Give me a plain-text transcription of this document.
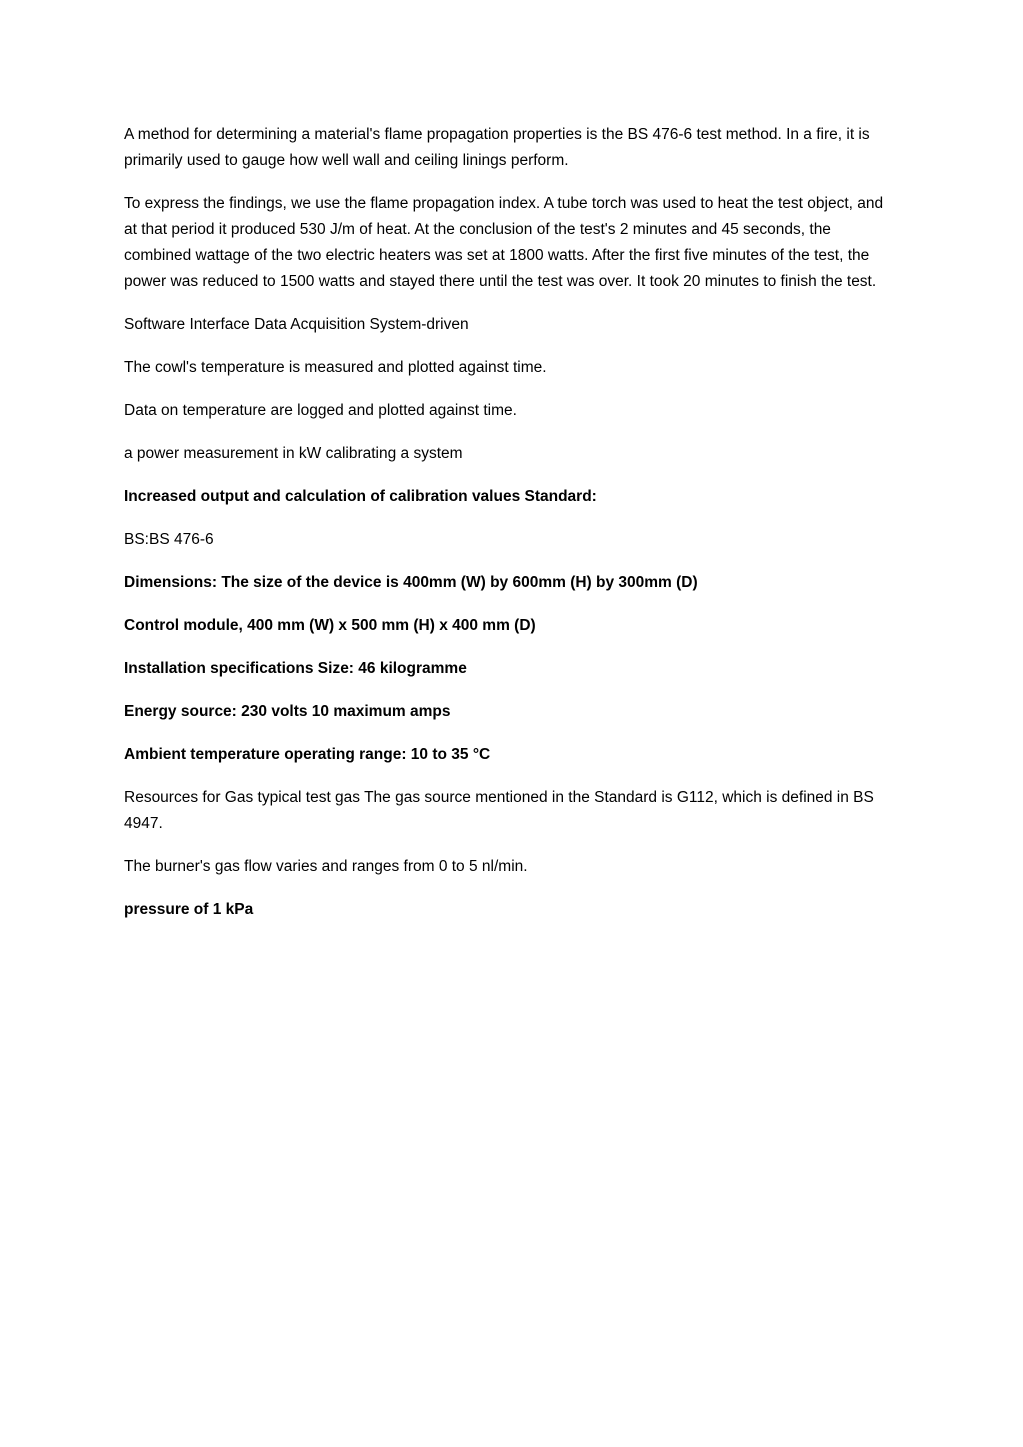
A method for determining a material's flame propagation properties is the BS 476-6 test method. In a fire, it is primarily used to gauge how well wall and ceiling linings perform.

To express the findings, we use the flame propagation index. A tube torch was used to heat the test object, and at that period it produced 530 J/m of heat. At the conclusion of the test's 2 minutes and 45 seconds, the combined wattage of the two electric heaters was set at 1800 watts. After the first five minutes of the test, the power was reduced to 1500 watts and stayed there until the test was over. It took 20 minutes to finish the test.

Software Interface Data Acquisition System-driven

The cowl's temperature is measured and plotted against time.

Data on temperature are logged and plotted against time.

a power measurement in kW calibrating a system

Increased output and calculation of calibration values Standard:

BS:BS 476-6

Dimensions: The size of the device is 400mm (W) by 600mm (H) by 300mm (D)

Control module, 400 mm (W) x 500 mm (H) x 400 mm (D)

Installation specifications Size: 46 kilogramme

Energy source: 230 volts 10 maximum amps

Ambient temperature operating range: 10 to 35 °C

Resources for Gas typical test gas The gas source mentioned in the Standard is G112, which is defined in BS 4947.

The burner's gas flow varies and ranges from 0 to 5 nl/min.

pressure of 1 kPa
